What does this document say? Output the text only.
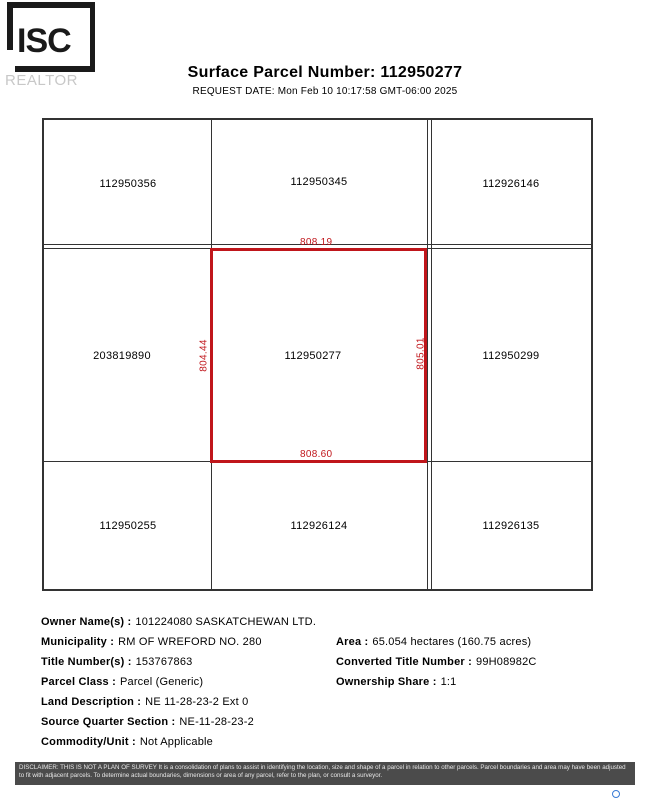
ISC
REALTOR	Surface Parcel Number: 112950277
REQUEST DATE: Mon Feb 10 10:17:58 GMT-06:00 2025
112950356	112950345	112926146
203819890	112950277	112950299
112950255	112926124	112926135
808.19
808.60
804.44	805.01
Owner Name(s) : 101224080 SASKATCHEWAN LTD.
Municipality : RM OF WREFORD NO. 280
Title Number(s) : 153767863
Parcel Class : Parcel (Generic)
Land Description : NE 11-28-23-2 Ext 0
Source Quarter Section : NE-11-28-23-2
Commodity/Unit : Not Applicable
Area : 65.054 hectares (160.75 acres)
Converted Title Number : 99H08982C
Ownership Share : 1:1
DISCLAIMER: THIS IS NOT A PLAN OF SURVEY It is a consolidation of plans to assist in identifying the location, size and shape of a parcel in relation to other parcels. Parcel boundaries and area may have been adjusted to fit with adjacent parcels. To determine actual boundaries, dimensions or area of any parcel, refer to the plan, or consult a surveyor.
